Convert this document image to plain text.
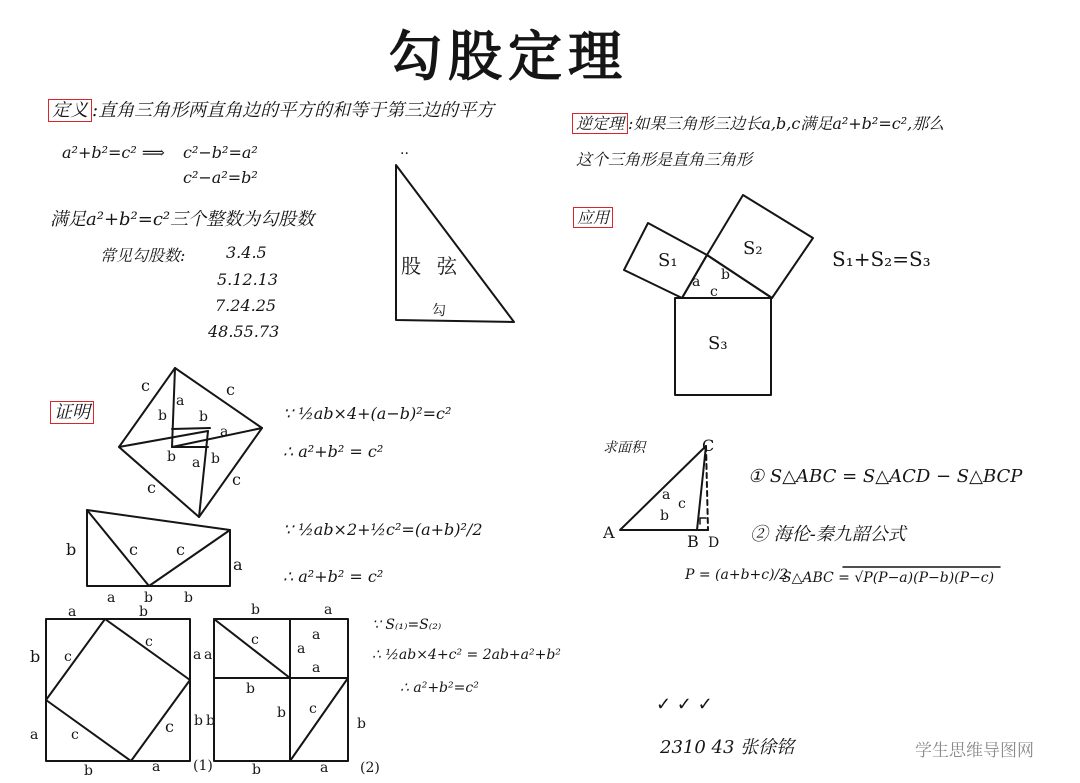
勾股定理
定义 :直角三角形两直角边的平方的和等于第三边的平方
a²+b²=c² ⟹ c²−b²=a²
c²−a²=b²
满足a²+b²=c²三个整数为勾股数
常见勾股数:	3.4.5
5.12.13
7.24.25
48.55.73
..
股 弦
勾
逆定理 :如果三角形三边长a,b,c满足a²+b²=c²,那么
这个三角形是直角三角形
应用
S₁
S₂
S₃
a b
c
S₁+S₂=S₃
证明
c	c
a
b b
a
b a b
c
c
∵ ½ab×4+(a−b)²=c²
∴ a²+b² = c²
b	c c
a
a b b
∵ ½ab×2+½c²=(a+b)²/2
∴ a²+b² = c²
a	b
b c
c
a
a c	c b
b	a (1)
b	a
a
c
a
a
a
b
b	b c
b
b	a (2)
∵ S₍₁₎=S₍₂₎
∴ ½ab×4+c² = 2ab+a²+b²
∴ a²+b²=c²
求面积	C
A	B D
a
b
c
① S△ABC = S△ACD − S△BCP
② 海伦-秦九韶公式
P = (a+b+c)/2
S△ABC = √P(P−a)(P−b)(P−c)
✓ ✓ ✓
2310 43 张徐铭	学生思维导图网
